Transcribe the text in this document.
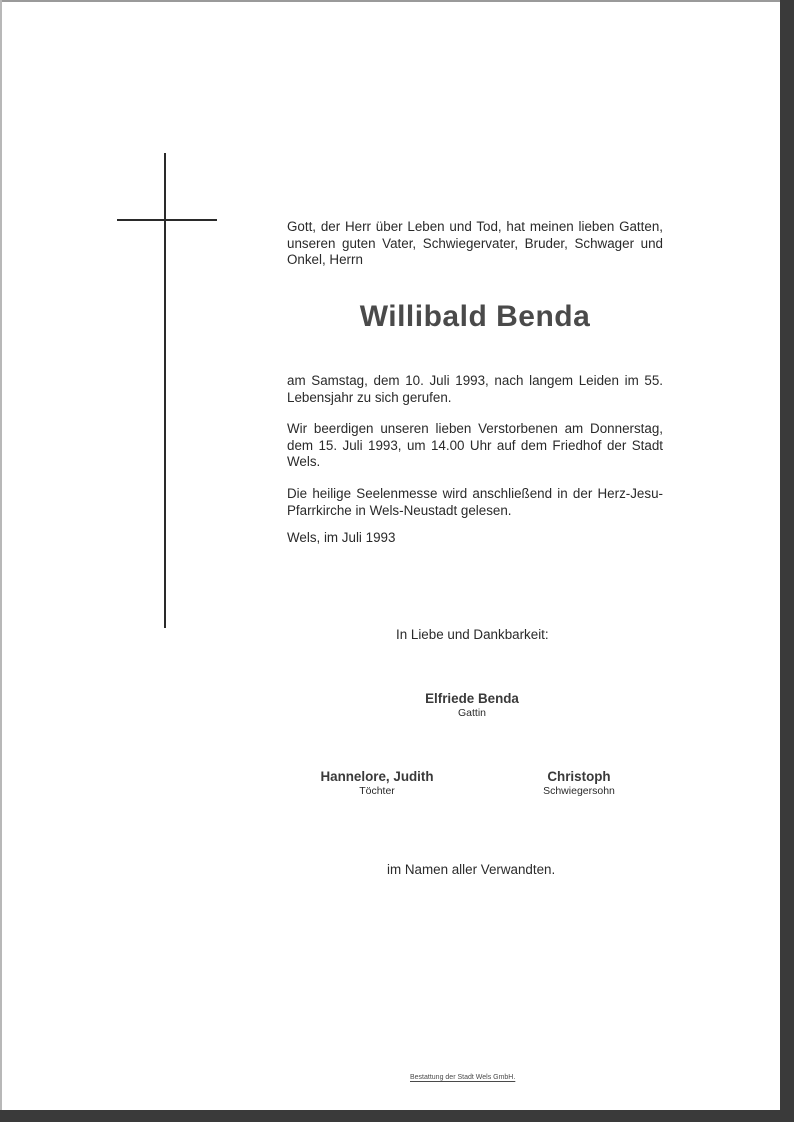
Gott, der Herr über Leben und Tod, hat meinen lieben Gatten, unseren guten Vater, Schwiegervater, Bruder, Schwager und Onkel, Herrn

Willibald Benda

am Samstag, dem 10. Juli 1993, nach langem Leiden im 55. Lebensjahr zu sich gerufen.

Wir beerdigen unseren lieben Verstorbenen am Donnerstag, dem 15. Juli 1993, um 14.00 Uhr auf dem Friedhof der Stadt Wels.

Die heilige Seelenmesse wird anschließend in der Herz-Jesu-Pfarrkirche in Wels-Neustadt gelesen.

Wels, im Juli 1993

In Liebe und Dankbarkeit:
Elfriede Benda
Gattin
Hannelore, Judith
Töchter
Christoph
Schwiegersohn
im Namen aller Verwandten.
Bestattung der Stadt Wels GmbH.
